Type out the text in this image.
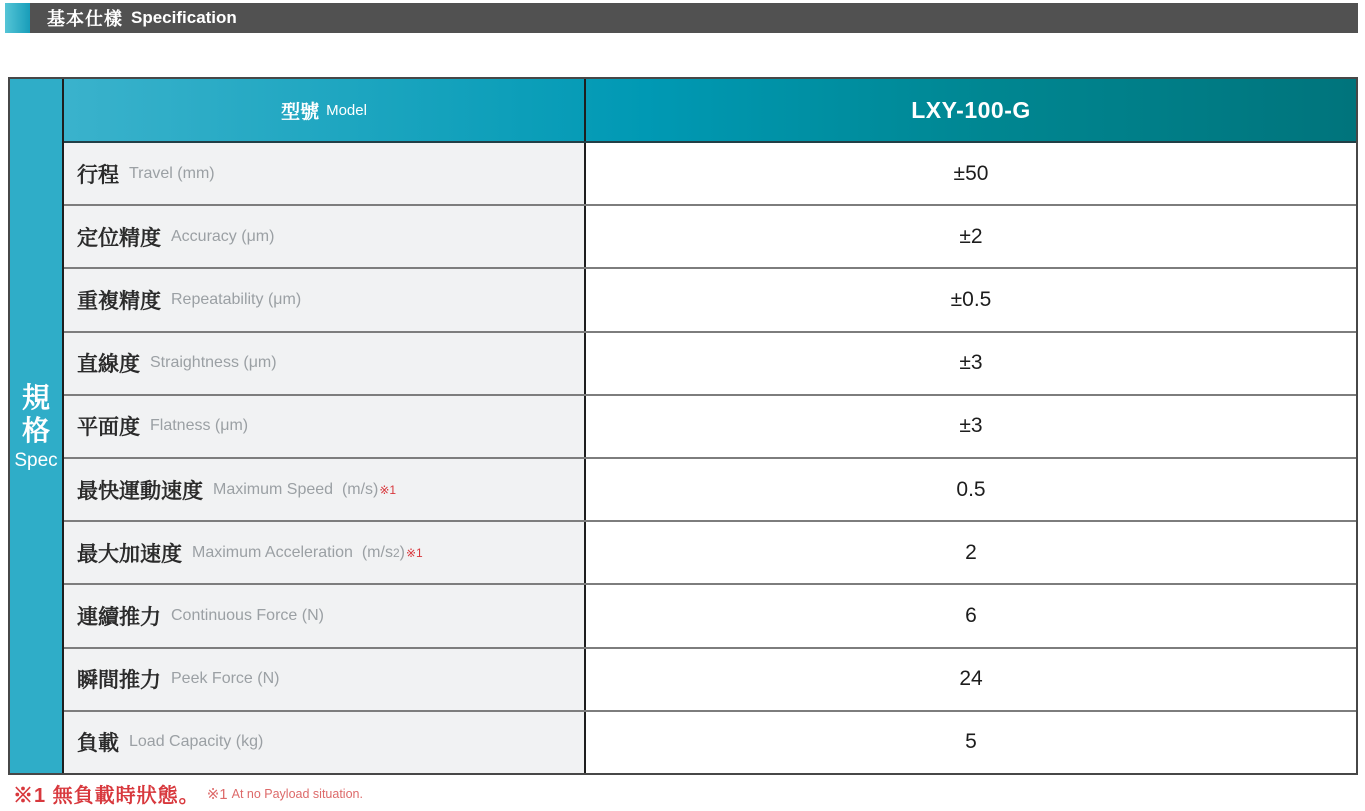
基本仕樣 Specification
規
格
Spec
型號 Model	LXY-100-G
行程 Travel (mm)	±50
定位精度 Accuracy (μm)	±2
重複精度 Repeatability (μm)	±0.5
直線度 Straightness (μm)	±3
平面度 Flatness (μm)	±3
最快運動速度 Maximum Speed  (m/s) ※1	0.5
最大加速度 Maximum Acceleration  (m/s 2 ) ※1	2
連續推力 Continuous Force (N)	6
瞬間推力 Peek Force (N)	24
負載 Load Capacity (kg)	5
※1 無負載時狀態。 ※1 At no Payload situation.
